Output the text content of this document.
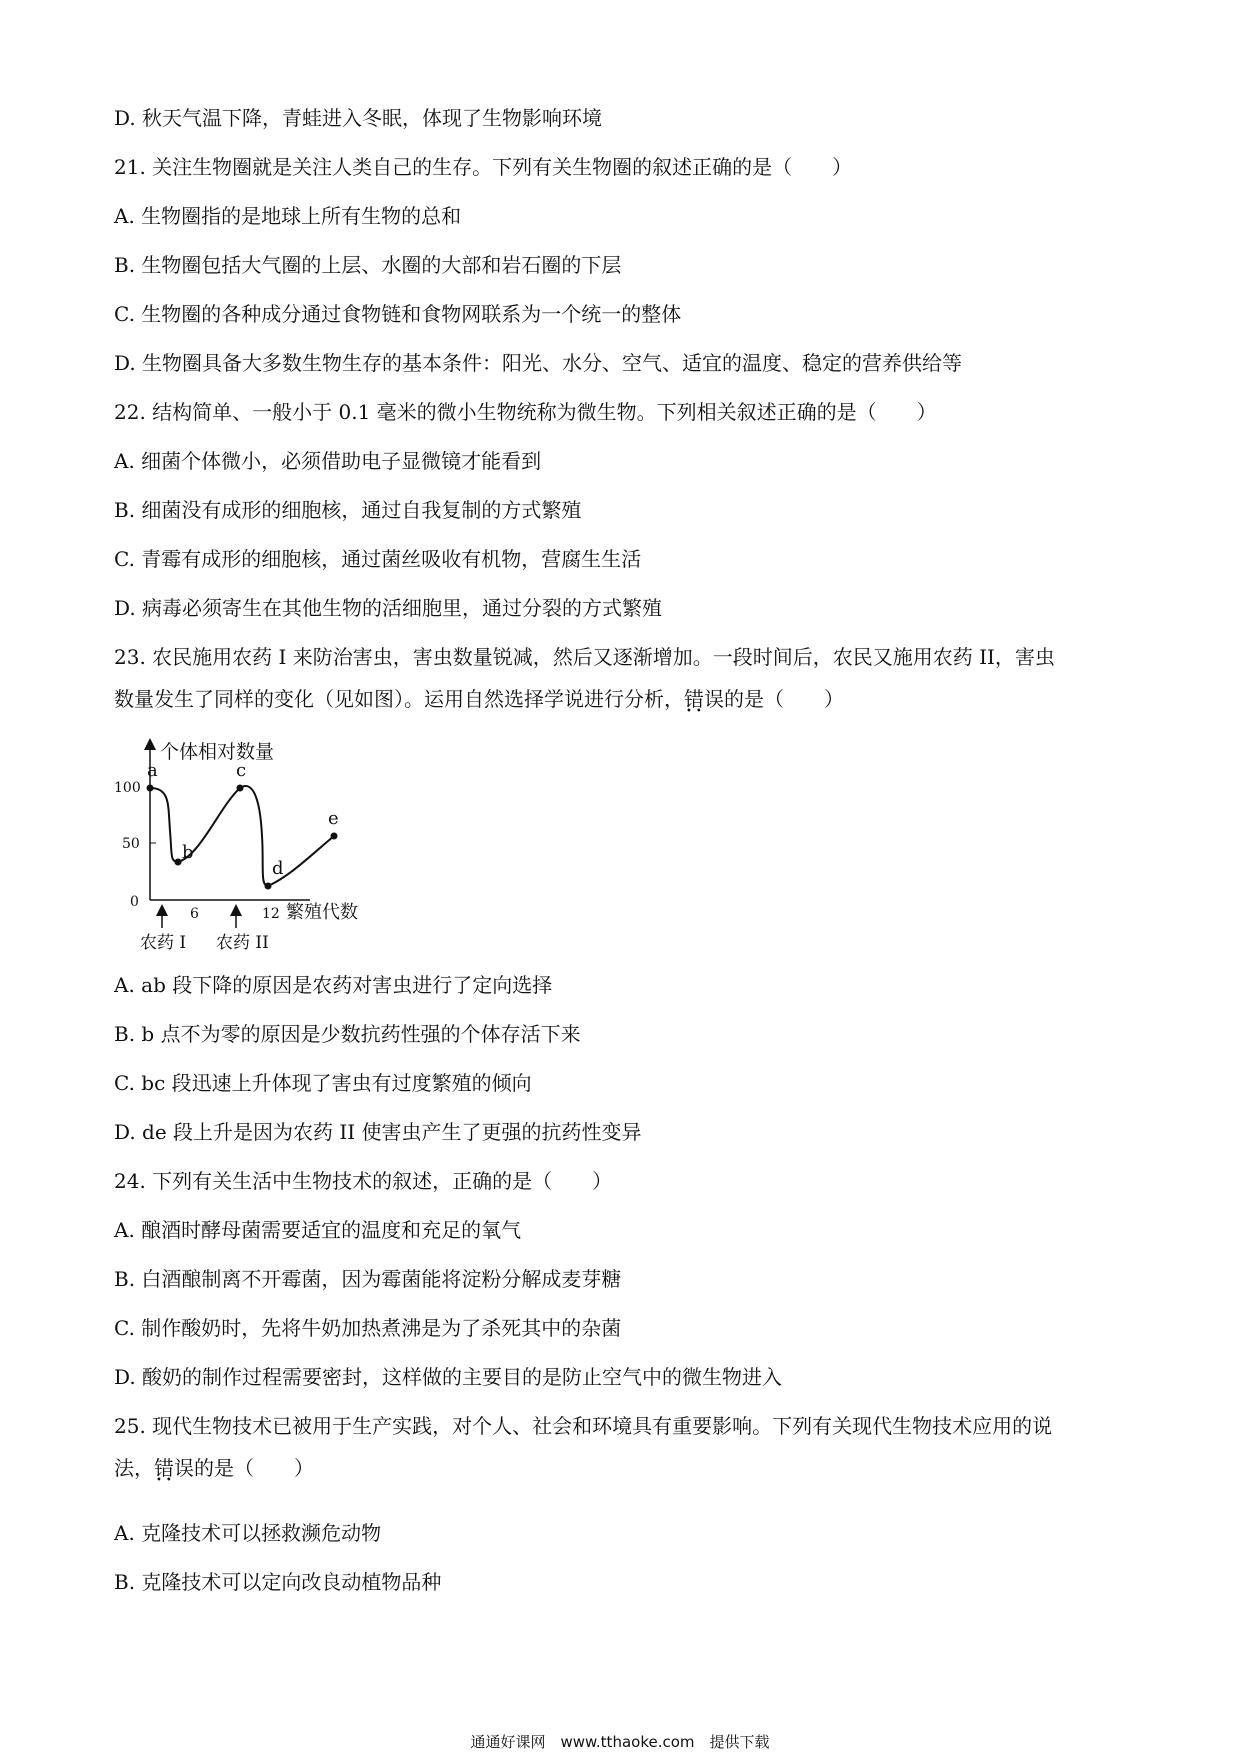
D. 秋天气温下降，青蛙进入冬眠，体现了生物影响环境
21. 关注生物圈就是关注人类自己的生存。下列有关生物圈的叙述正确的是（　　）
A. 生物圈指的是地球上所有生物的总和
B. 生物圈包括大气圈的上层、水圈的大部和岩石圈的下层
C. 生物圈的各种成分通过食物链和食物网联系为一个统一的整体
D. 生物圈具备大多数生物生存的基本条件：阳光、水分、空气、适宜的温度、稳定的营养供给等
22. 结构简单、一般小于 0.1 毫米的微小生物统称为微生物。下列相关叙述正确的是（　　）
A. 细菌个体微小，必须借助电子显微镜才能看到
B. 细菌没有成形的细胞核，通过自我复制的方式繁殖
C. 青霉有成形的细胞核，通过菌丝吸收有机物，营腐生生活
D. 病毒必须寄生在其他生物的活细胞里，通过分裂的方式繁殖
23. 农民施用农药 I 来防治害虫，害虫数量锐减，然后又逐渐增加。一段时间后，农民又施用农药 II，害虫
数量发生了同样的变化（见如图）。运用自然选择学说进行分析，错误 ••的是（　　）
个体相对数量
100
50
0
6	12 繁殖代数
a
b
c
d
e
农药 I 农药 II
A. ab 段下降的原因是农药对害虫进行了定向选择
B. b 点不为零的原因是少数抗药性强的个体存活下来
C. bc 段迅速上升体现了害虫有过度繁殖的倾向
D. de 段上升是因为农药 II 使害虫产生了更强的抗药性变异
24. 下列有关生活中生物技术的叙述，正确的是（　　）
A. 酿酒时酵母菌需要适宜的温度和充足的氧气
B. 白酒酿制离不开霉菌，因为霉菌能将淀粉分解成麦芽糖
C. 制作酸奶时，先将牛奶加热煮沸是为了杀死其中的杂菌
D. 酸奶的制作过程需要密封，这样做的主要目的是防止空气中的微生物进入
25. 现代生物技术已被用于生产实践，对个人、社会和环境具有重要影响。下列有关现代生物技术应用的说
法，错误 ••的是（　　）
A. 克隆技术可以拯救濒危动物
B. 克隆技术可以定向改良动植物品种
通通好课网　www.tthaoke.com　提供下载
